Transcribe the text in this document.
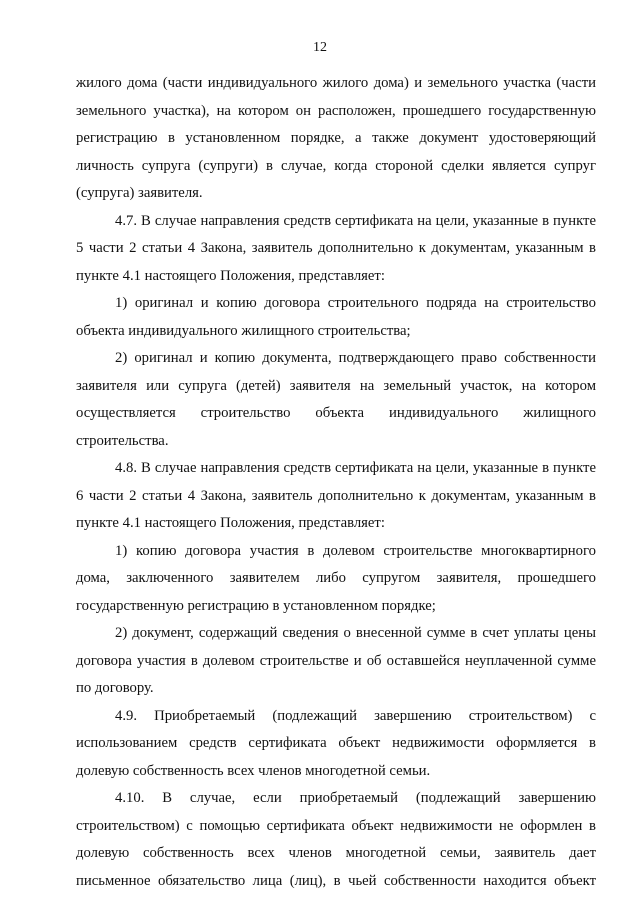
12

жилого дома (части индивидуального жилого дома) и земельного участка (части земельного участка), на котором он расположен, прошедшего государственную регистрацию в установленном порядке, а также документ удостоверяющий личность супруга (супруги) в случае, когда стороной сделки является супруг (супруга) заявителя.

4.7. В случае направления средств сертификата на цели, указанные в пункте 5 части 2 статьи 4 Закона, заявитель дополнительно к документам, указанным в пункте 4.1 настоящего Положения, представляет:

1) оригинал и копию договора строительного подряда на строительство объекта индивидуального жилищного строительства;

2) оригинал и копию документа, подтверждающего право собственности заявителя или супруга (детей) заявителя на земельный участок, на котором осуществляется строительство объекта индивидуального жилищного строительства.

4.8. В случае направления средств сертификата на цели, указанные в пункте 6 части 2 статьи 4 Закона, заявитель дополнительно к документам, указанным в пункте 4.1 настоящего Положения, представляет:

1) копию договора участия в долевом строительстве многоквартирного дома, заключенного заявителем либо супругом заявителя, прошедшего государственную регистрацию в установленном порядке;

2) документ, содержащий сведения о внесенной сумме в счет уплаты цены договора участия в долевом строительстве и об оставшейся неуплаченной сумме по договору.

4.9. Приобретаемый (подлежащий завершению строительством) с использованием средств сертификата объект недвижимости оформляется в долевую собственность всех членов многодетной семьи.

4.10. В случае, если приобретаемый (подлежащий завершению строительством) с помощью сертификата объект недвижимости не оформлен в долевую собственность всех членов многодетной семьи, заявитель дает письменное обязательство лица (лиц), в чьей собственности находится объект
